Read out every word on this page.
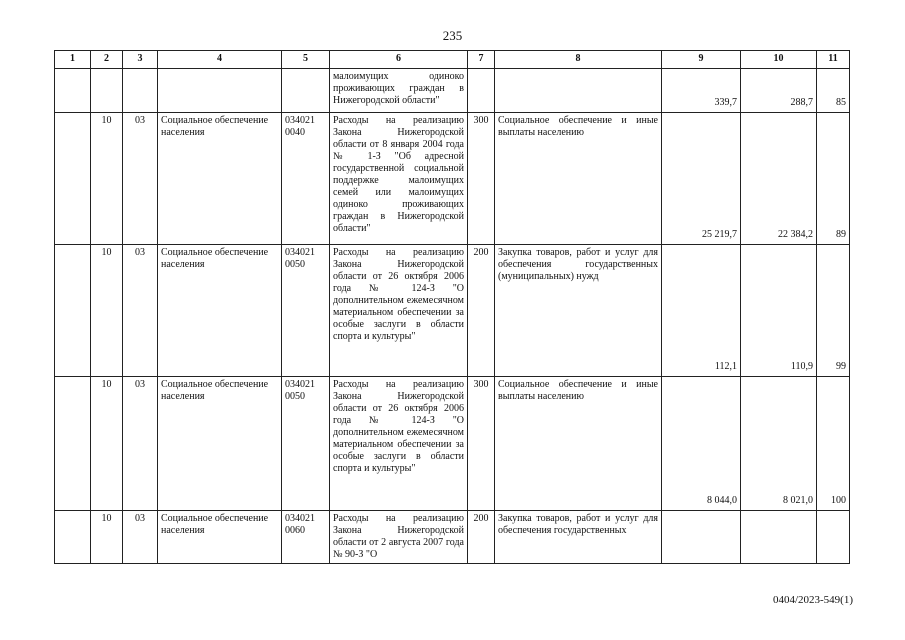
235
1	2	3	4	5	6	7	8	9	10	11
					малоимущих одиноко проживающих граждан в Нижегородской области"			339,7	288,7	85
	10	03	Социальное обеспечение населения	034021 0040	Расходы на реализацию Закона Нижегородской области от 8 января 2004 года № 1-З "Об адресной государственной социальной поддержке малоимущих семей или малоимущих одиноко проживающих граждан в Нижегородской области"	300	Социальное обеспечение и иные выплаты населению	25 219,7	22 384,2	89
	10	03	Социальное обеспечение населения	034021 0050	Расходы на реализацию Закона Нижегородской области от 26 октября 2006 года № 124-З "О дополнительном ежемесячном материальном обеспечении за особые заслуги в области спорта и культуры"	200	Закупка товаров, работ и услуг для обеспечения государственных (муниципальных) нужд	112,1	110,9	99
	10	03	Социальное обеспечение населения	034021 0050	Расходы на реализацию Закона Нижегородской области от 26 октября 2006 года № 124-З "О дополнительном ежемесячном материальном обеспечении за особые заслуги в области спорта и культуры"	300	Социальное обеспечение и иные выплаты населению	8 044,0	8 021,0	100
	10	03	Социальное обеспечение населения	034021 0060	Расходы на реализацию Закона Нижегородской области от 2 августа 2007 года № 90-З "О	200	Закупка товаров, работ и услуг для обеспечения государственных			
0404/2023-549(1)
